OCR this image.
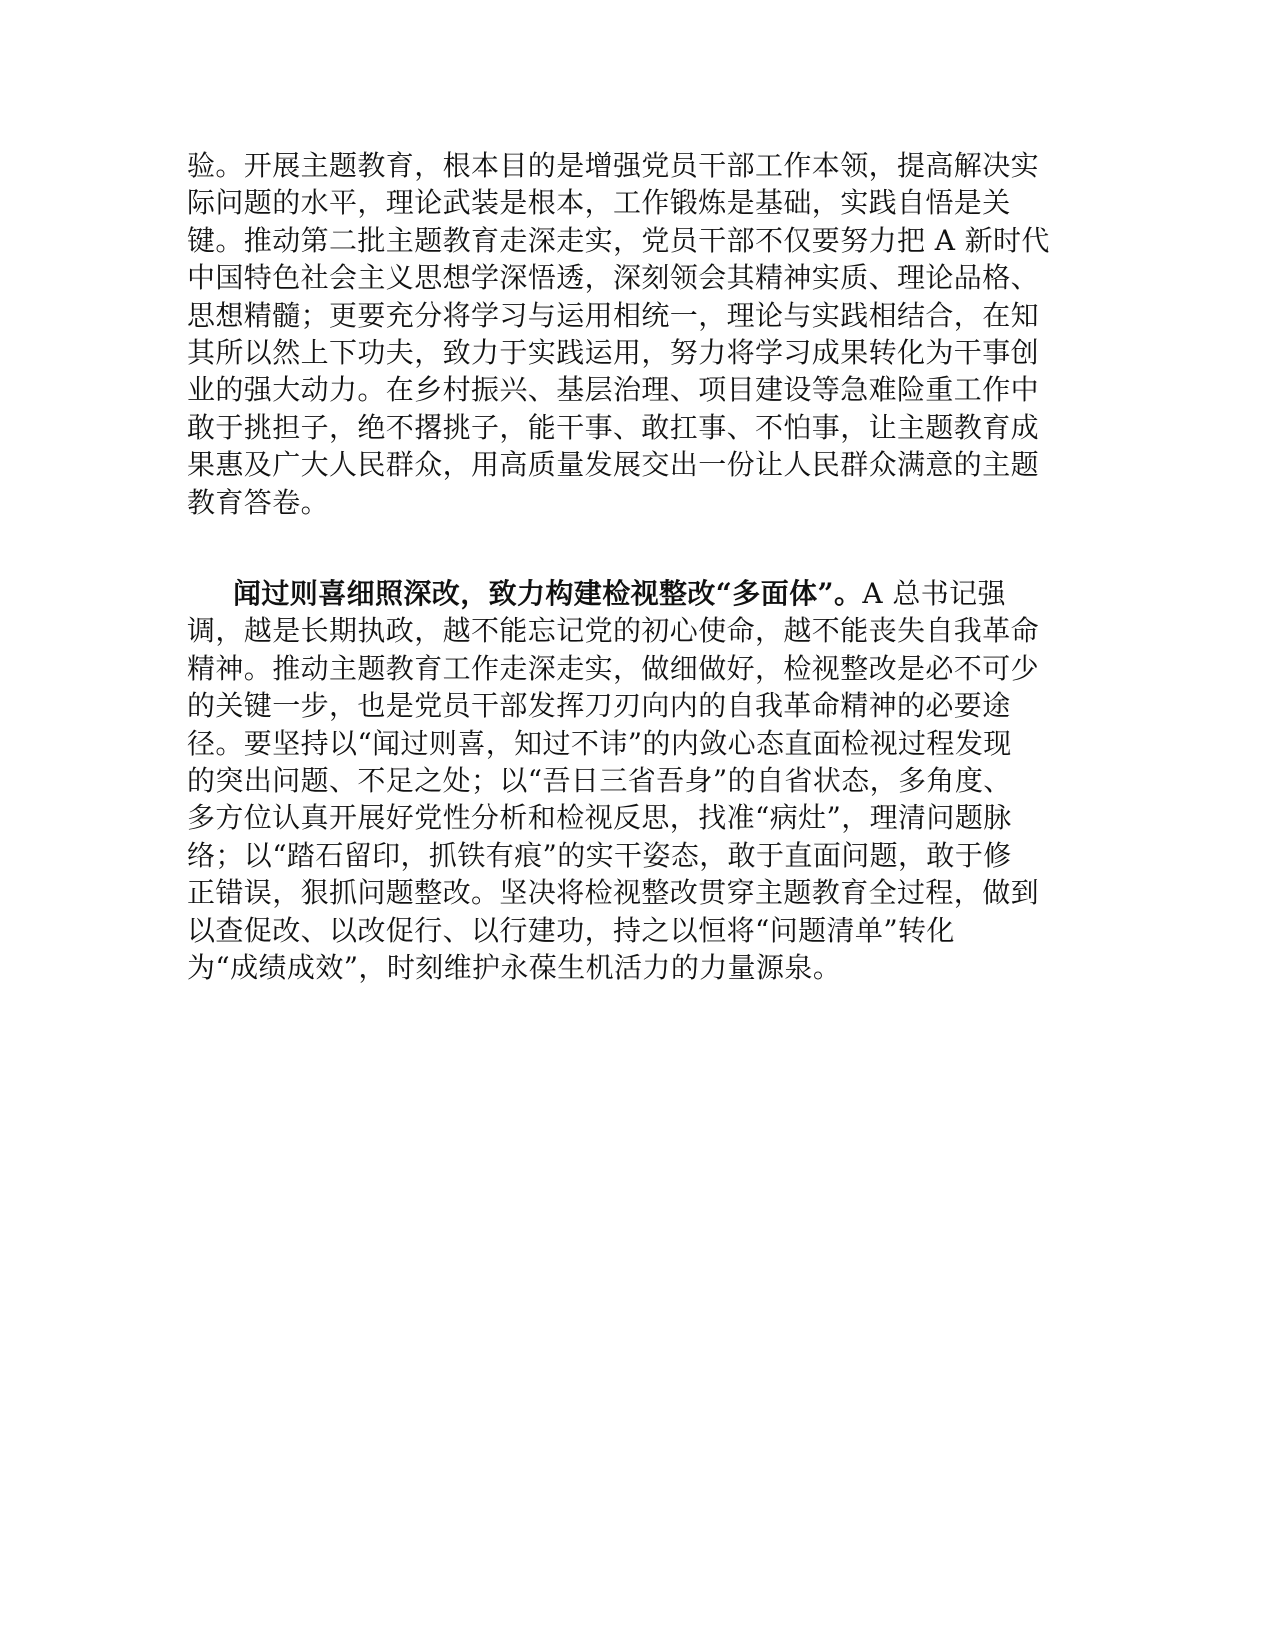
验。开展主题教育，根本目的是增强党员干部工作本领，提高解决实
际问题的水平，理论武装是根本，工作锻炼是基础，实践自悟是关
键。推动第二批主题教育走深走实，党员干部不仅要努力把 A 新时代
中国特色社会主义思想学深悟透，深刻领会其精神实质、理论品格、
思想精髓；更要充分将学习与运用相统一，理论与实践相结合，在知
其所以然上下功夫，致力于实践运用，努力将学习成果转化为干事创
业的强大动力。在乡村振兴、基层治理、项目建设等急难险重工作中
敢于挑担子，绝不撂挑子，能干事、敢扛事、不怕事，让主题教育成
果惠及广大人民群众，用高质量发展交出一份让人民群众满意的主题
教育答卷。
闻过则喜细照深改，致力构建检视整改“多面体”。A 总书记强
调，越是长期执政，越不能忘记党的初心使命，越不能丧失自我革命
精神。推动主题教育工作走深走实，做细做好，检视整改是必不可少
的关键一步，也是党员干部发挥刀刃向内的自我革命精神的必要途
径。要坚持以“闻过则喜，知过不讳”的内敛心态直面检视过程发现
的突出问题、不足之处；以“吾日三省吾身”的自省状态，多角度、
多方位认真开展好党性分析和检视反思，找准“病灶”，理清问题脉
络；以“踏石留印，抓铁有痕”的实干姿态，敢于直面问题，敢于修
正错误，狠抓问题整改。坚决将检视整改贯穿主题教育全过程，做到
以查促改、以改促行、以行建功，持之以恒将“问题清单”转化
为“成绩成效”，时刻维护永葆生机活力的力量源泉。
